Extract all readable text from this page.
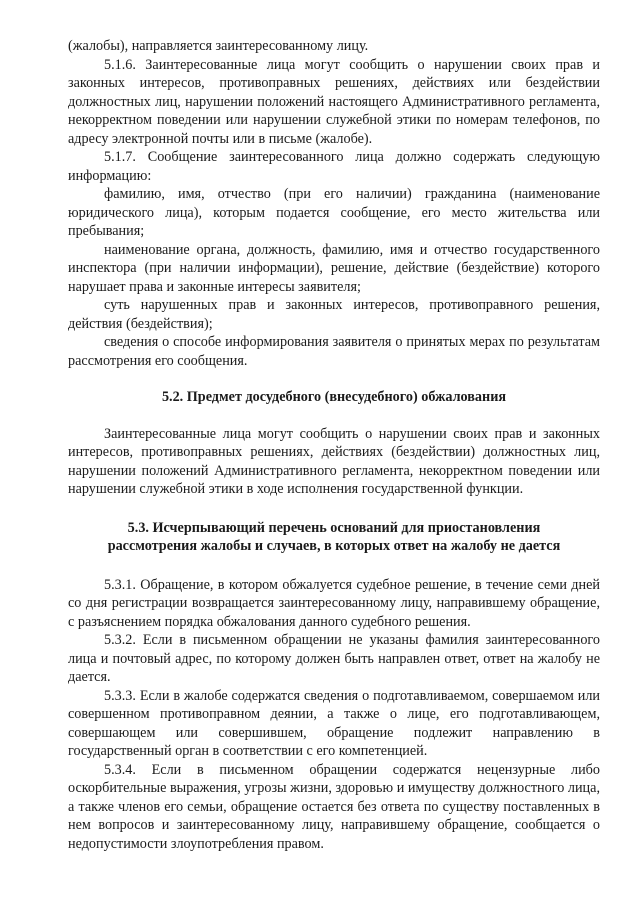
(жалобы), направляется заинтересованному лицу.

5.1.6. Заинтересованные лица могут сообщить о нарушении своих прав и законных интересов, противоправных решениях, действиях или бездействии должностных лиц, нарушении положений настоящего Административного регламента, некорректном поведении или нарушении служебной этики по номерам телефонов, по адресу электронной почты или в письме (жалобе).

5.1.7. Сообщение заинтересованного лица должно содержать следующую информацию:

фамилию, имя, отчество (при его наличии) гражданина (наименование юридического лица), которым подается сообщение, его место жительства или пребывания;

наименование органа, должность, фамилию, имя и отчество государственного инспектора (при наличии информации), решение, действие (бездействие) которого нарушает права и законные интересы заявителя;

суть нарушенных прав и законных интересов, противоправного решения, действия (бездействия);

сведения о способе информирования заявителя о принятых мерах по результатам рассмотрения его сообщения.

5.2. Предмет досудебного (внесудебного) обжалования

Заинтересованные лица могут сообщить о нарушении своих прав и законных интересов, противоправных решениях, действиях (бездействии) должностных лиц, нарушении положений Административного регламента, некорректном поведении или нарушении служебной этики в ходе исполнения государственной функции.

5.3. Исчерпывающий перечень оснований для приостановления
рассмотрения жалобы и случаев, в которых ответ на жалобу не дается

5.3.1. Обращение, в котором обжалуется судебное решение, в течение семи дней со дня регистрации возвращается заинтересованному лицу, направившему обращение, с разъяснением порядка обжалования данного судебного решения.

5.3.2. Если в письменном обращении не указаны фамилия заинтересованного лица и почтовый адрес, по которому должен быть направлен ответ, ответ на жалобу не дается.

5.3.3. Если в жалобе содержатся сведения о подготавливаемом, совершаемом или совершенном противоправном деянии, а также о лице, его подготавливающем, совершающем или совершившем, обращение подлежит направлению в государственный орган в соответствии с его компетенцией.

5.3.4. Если в письменном обращении содержатся нецензурные либо оскорбительные выражения, угрозы жизни, здоровью и имуществу должностного лица, а также членов его семьи, обращение остается без ответа по существу поставленных в нем вопросов и заинтересованному лицу, направившему обращение, сообщается о недопустимости злоупотребления правом.
